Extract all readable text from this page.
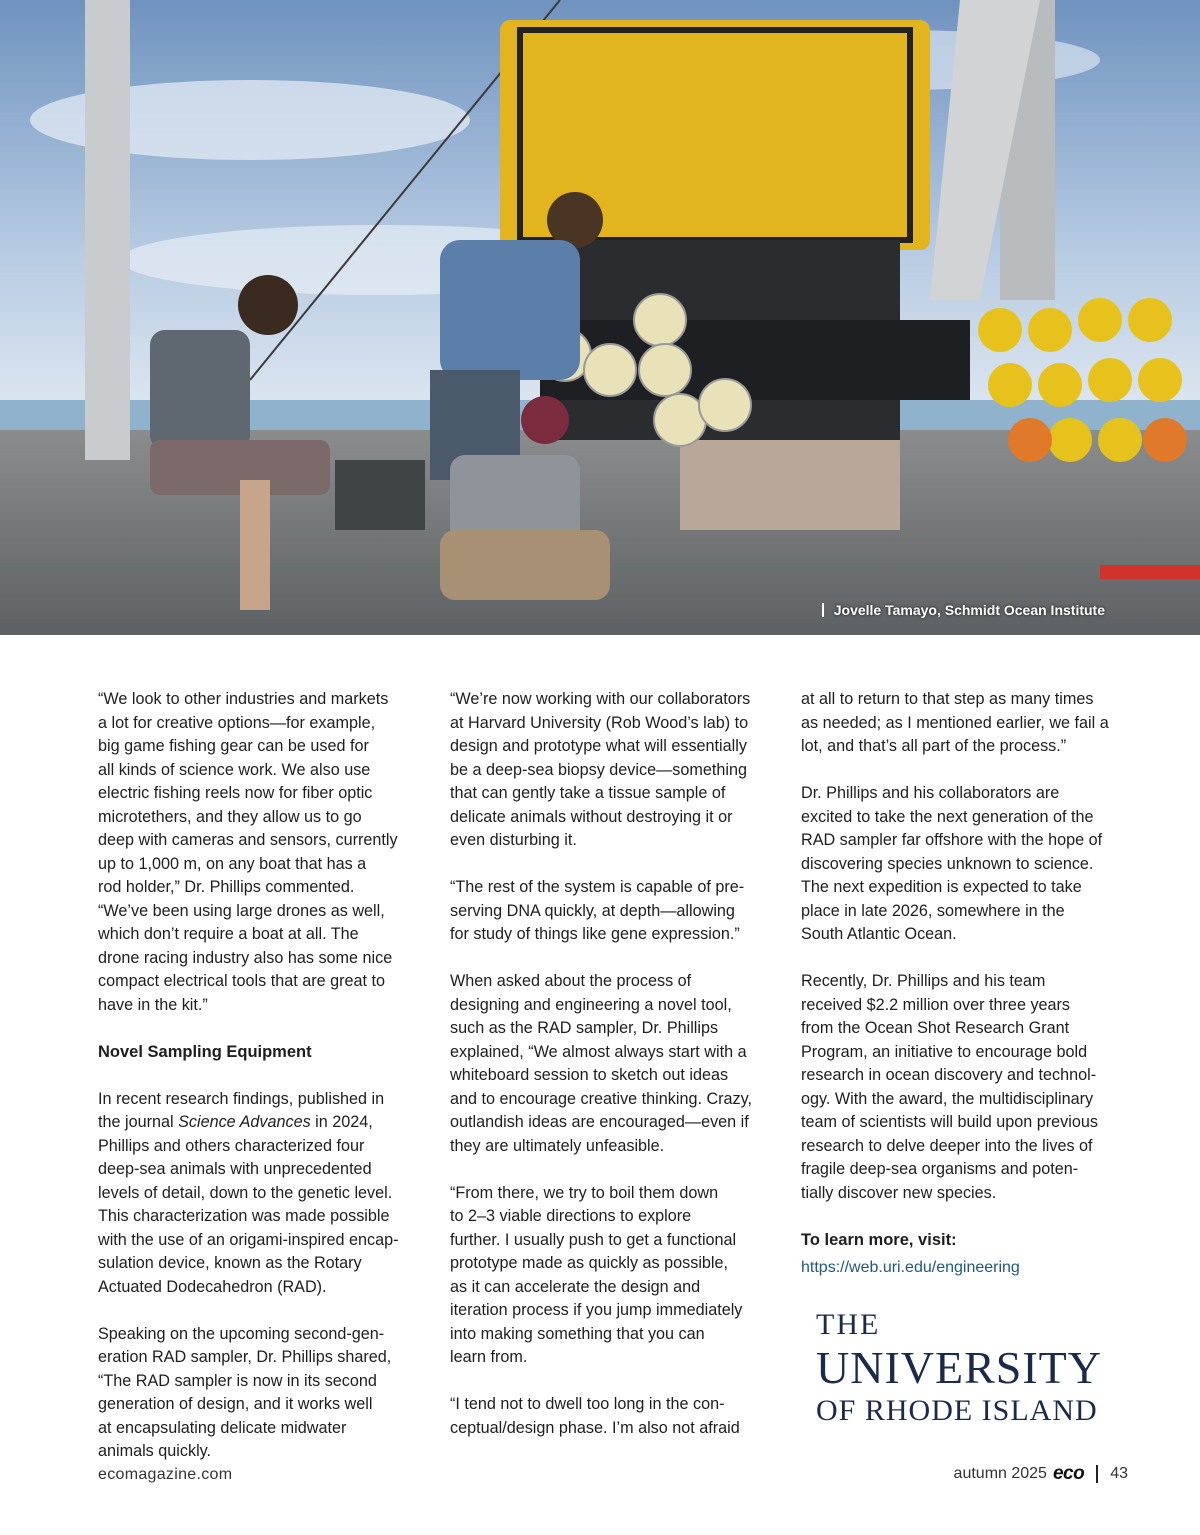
Jovelle Tamayo, Schmidt Ocean Institute

“We look to other industries and markets
a lot for creative options—for example,
big game fishing gear can be used for
all kinds of science work. We also use
electric fishing reels now for fiber optic
microtethers, and they allow us to go
deep with cameras and sensors, currently
up to 1,000 m, on any boat that has a
rod holder,” Dr. Phillips commented.
“We’ve been using large drones as well,
which don’t require a boat at all. The
drone racing industry also has some nice
compact electrical tools that are great to
have in the kit.”

Novel Sampling Equipment

In recent research findings, published in
the journal Science Advances in 2024,
Phillips and others characterized four
deep-sea animals with unprecedented
levels of detail, down to the genetic level.
This characterization was made possible
with the use of an origami-inspired encap-
sulation device, known as the Rotary
Actuated Dodecahedron (RAD).

Speaking on the upcoming second-gen-
eration RAD sampler, Dr. Phillips shared,
“The RAD sampler is now in its second
generation of design, and it works well
at encapsulating delicate midwater
animals quickly.

“We’re now working with our collaborators
at Harvard University (Rob Wood’s lab) to
design and prototype what will essentially
be a deep-sea biopsy device—something
that can gently take a tissue sample of
delicate animals without destroying it or
even disturbing it.

“The rest of the system is capable of pre-
serving DNA quickly, at depth—allowing
for study of things like gene expression.”

When asked about the process of
designing and engineering a novel tool,
such as the RAD sampler, Dr. Phillips
explained, “We almost always start with a
whiteboard session to sketch out ideas
and to encourage creative thinking. Crazy,
outlandish ideas are encouraged—even if
they are ultimately unfeasible.

“From there, we try to boil them down
to 2–3 viable directions to explore
further. I usually push to get a functional
prototype made as quickly as possible,
as it can accelerate the design and
iteration process if you jump immediately
into making something that you can
learn from.

“I tend not to dwell too long in the con-
ceptual/design phase. I’m also not afraid

at all to return to that step as many times
as needed; as I mentioned earlier, we fail a
lot, and that’s all part of the process.”

Dr. Phillips and his collaborators are
excited to take the next generation of the
RAD sampler far offshore with the hope of
discovering species unknown to science.
The next expedition is expected to take
place in late 2026, somewhere in the
South Atlantic Ocean.

Recently, Dr. Phillips and his team
received $2.2 million over three years
from the Ocean Shot Research Grant
Program, an initiative to encourage bold
research in ocean discovery and technol-
ogy. With the award, the multidisciplinary
team of scientists will build upon previous
research to delve deeper into the lives of
fragile deep-sea organisms and poten-
tially discover new species.

To learn more, visit:

https://web.uri.edu/engineering
THE
UNIVERSITY
OF RHODE ISLAND
ecomagazine.com	autumn 2025 eco 43
